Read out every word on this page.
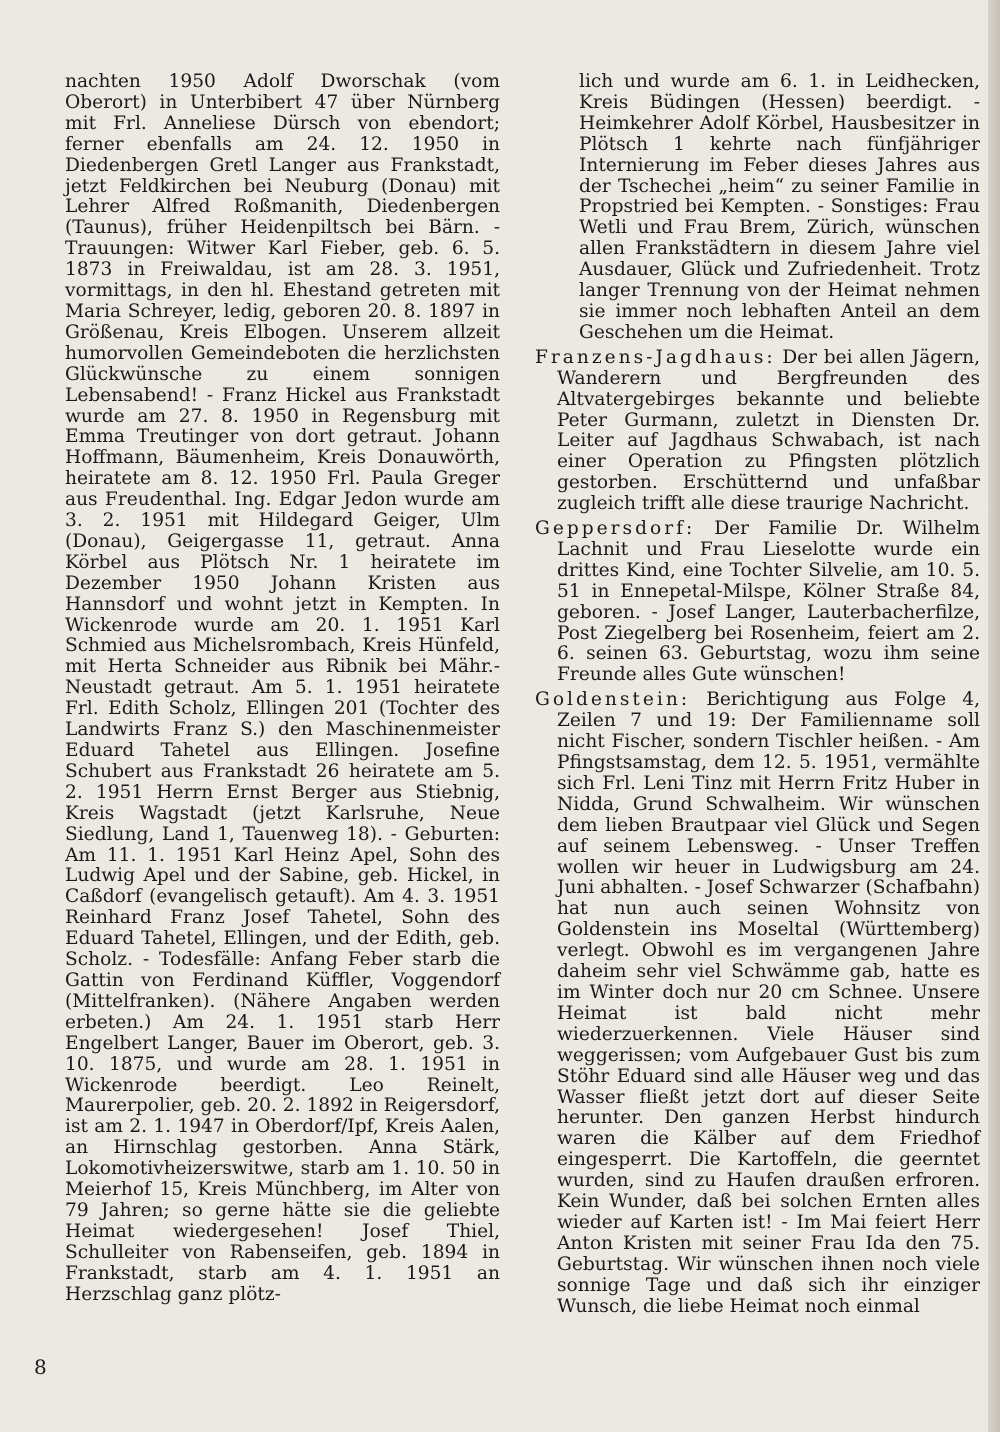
nachten 1950 Adolf Dworschak (vom Oberort) in Unterbibert 47 über Nürnberg mit Frl. Anneliese Dürsch von ebendort; ferner ebenfalls am 24. 12. 1950 in Diedenbergen Gretl Langer aus Frankstadt, jetzt Feldkirchen bei Neuburg (Donau) mit Lehrer Alfred Roßmanith, Diedenbergen (Taunus), früher Heidenpiltsch bei Bärn. - Trauungen: Witwer Karl Fieber, geb. 6. 5. 1873 in Freiwaldau, ist am 28. 3. 1951, vormittags, in den hl. Ehestand getreten mit Maria Schreyer, ledig, geboren 20. 8. 1897 in Größenau, Kreis Elbogen. Unserem allzeit humorvollen Gemeindeboten die herzlichsten Glückwünsche zu einem sonnigen Lebensabend! - Franz Hickel aus Frankstadt wurde am 27. 8. 1950 in Regensburg mit Emma Treutinger von dort getraut. Johann Hoffmann, Bäumenheim, Kreis Donauwörth, heiratete am 8. 12. 1950 Frl. Paula Greger aus Freudenthal. Ing. Edgar Jedon wurde am 3. 2. 1951 mit Hildegard Geiger, Ulm (Donau), Geigergasse 11, getraut. Anna Körbel aus Plötsch Nr. 1 heiratete im Dezember 1950 Johann Kristen aus Hannsdorf und wohnt jetzt in Kempten. In Wickenrode wurde am 20. 1. 1951 Karl Schmied aus Michelsrombach, Kreis Hünfeld, mit Herta Schneider aus Ribnik bei Mähr.-Neustadt getraut. Am 5. 1. 1951 heiratete Frl. Edith Scholz, Ellingen 201 (Tochter des Landwirts Franz S.) den Maschinenmeister Eduard Tahetel aus Ellingen. Josefine Schubert aus Frankstadt 26 heiratete am 5. 2. 1951 Herrn Ernst Berger aus Stiebnig, Kreis Wagstadt (jetzt Karlsruhe, Neue Siedlung, Land 1, Tauenweg 18). - Geburten: Am 11. 1. 1951 Karl Heinz Apel, Sohn des Ludwig Apel und der Sabine, geb. Hickel, in Caßdorf (evangelisch getauft). Am 4. 3. 1951 Reinhard Franz Josef Tahetel, Sohn des Eduard Tahetel, Ellingen, und der Edith, geb. Scholz. - Todesfälle: Anfang Feber starb die Gattin von Ferdinand Küffler, Voggendorf (Mittelfranken). (Nähere Angaben werden erbeten.) Am 24. 1. 1951 starb Herr Engelbert Langer, Bauer im Oberort, geb. 3. 10. 1875, und wurde am 28. 1. 1951 in Wickenrode beerdigt. Leo Reinelt, Maurerpolier, geb. 20. 2. 1892 in Reigersdorf, ist am 2. 1. 1947 in Oberdorf/Ipf, Kreis Aalen, an Hirnschlag gestorben. Anna Stärk, Lokomotivheizerswitwe, starb am 1. 10. 50 in Meierhof 15, Kreis Münchberg, im Alter von 79 Jahren; so gerne hätte sie die geliebte Heimat wiedergesehen! Josef Thiel, Schulleiter von Rabenseifen, geb. 1894 in Frankstadt, starb am 4. 1. 1951 an Herzschlag ganz plötz-

lich und wurde am 6. 1. in Leidhecken, Kreis Büdingen (Hessen) beerdigt. - Heimkehrer Adolf Körbel, Hausbesitzer in Plötsch 1 kehrte nach fünfjähriger Internierung im Feber dieses Jahres aus der Tschechei „heim“ zu seiner Familie in Propstried bei Kempten. - Sonstiges: Frau Wetli und Frau Brem, Zürich, wünschen allen Frankstädtern in diesem Jahre viel Ausdauer, Glück und Zufriedenheit. Trotz langer Trennung von der Heimat nehmen sie immer noch lebhaften Anteil an dem Geschehen um die Heimat.

Franzens-Jagdhaus: Der bei allen Jägern, Wanderern und Bergfreunden des Altvatergebirges bekannte und beliebte Peter Gurmann, zuletzt in Diensten Dr. Leiter auf Jagdhaus Schwabach, ist nach einer Operation zu Pfingsten plötzlich gestorben. Erschütternd und unfaßbar zugleich trifft alle diese traurige Nachricht.

Geppersdorf: Der Familie Dr. Wilhelm Lachnit und Frau Lieselotte wurde ein drittes Kind, eine Tochter Silvelie, am 10. 5. 51 in Ennepetal-Milspe, Kölner Straße 84, geboren. - Josef Langer, Lauterbacherfilze, Post Ziegelberg bei Rosenheim, feiert am 2. 6. seinen 63. Geburtstag, wozu ihm seine Freunde alles Gute wünschen!

Goldenstein: Berichtigung aus Folge 4, Zeilen 7 und 19: Der Familienname soll nicht Fischer, sondern Tischler heißen. - Am Pfingstsamstag, dem 12. 5. 1951, vermählte sich Frl. Leni Tinz mit Herrn Fritz Huber in Nidda, Grund Schwalheim. Wir wünschen dem lieben Brautpaar viel Glück und Segen auf seinem Lebensweg. - Unser Treffen wollen wir heuer in Ludwigsburg am 24. Juni abhalten. - Josef Schwarzer (Schafbahn) hat nun auch seinen Wohnsitz von Goldenstein ins Moseltal (Württemberg) verlegt. Obwohl es im vergangenen Jahre daheim sehr viel Schwämme gab, hatte es im Winter doch nur 20 cm Schnee. Unsere Heimat ist bald nicht mehr wiederzuerkennen. Viele Häuser sind weggerissen; vom Aufgebauer Gust bis zum Stöhr Eduard sind alle Häuser weg und das Wasser fließt jetzt dort auf dieser Seite herunter. Den ganzen Herbst hindurch waren die Kälber auf dem Friedhof eingesperrt. Die Kartoffeln, die geerntet wurden, sind zu Haufen draußen erfroren. Kein Wunder, daß bei solchen Ernten alles wieder auf Karten ist! - Im Mai feiert Herr Anton Kristen mit seiner Frau Ida den 75. Geburtstag. Wir wünschen ihnen noch viele sonnige Tage und daß sich ihr einziger Wunsch, die liebe Heimat noch einmal

8
